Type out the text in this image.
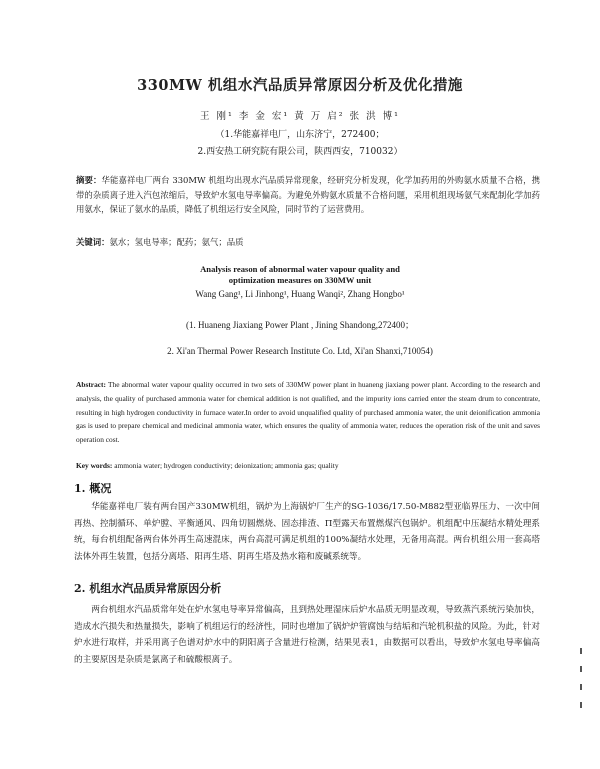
330MW 机组水汽品质异常原因分析及优化措施
王 刚¹ 李 金 宏¹ 黄 万 启² 张 洪 博¹
（1.华能嘉祥电厂，山东济宁，272400；
2.西安热工研究院有限公司，陕西西安，710032）
摘要：华能嘉祥电厂两台 330MW 机组均出现水汽品质异常现象，经研究分析发现，化学加药用的外购氨水质量不合格，携带的杂质离子进入汽包浓缩后，导致炉水氢电导率偏高。为避免外购氨水质量不合格问题，采用机组现场氨气来配制化学加药用氨水，保证了氨水的品质，降低了机组运行安全风险，同时节约了运营费用。
关键词：氨水；氢电导率；配药；氨气；品质
Analysis reason of abnormal water vapour quality and
optimization measures on 330MW unit
Wang Gang¹, Li Jinhong¹, Huang Wanqi², Zhang Hongbo¹
(1. Huaneng Jiaxiang Power Plant , Jining Shandong,272400；
2. Xi'an Thermal Power Research Institute Co. Ltd, Xi'an Shanxi,710054)
Abstract: The abnormal water vapour quality occurred in two sets of 330MW power plant in huaneng jiaxiang power plant. According to the research and analysis, the quality of purchased ammonia water for chemical addition is not qualified, and the impurity ions carried enter the steam drum to concentrate, resulting in high hydrogen conductivity in furnace water.In order to avoid unqualified quality of purchased ammonia water, the unit deionification ammonia gas is used to prepare chemical and medicinal ammonia water, which ensures the quality of ammonia water, reduces the operation risk of the unit and saves operation cost.
Key words: ammonia water; hydrogen conductivity; deionization; ammonia gas; quality
1. 概况
华能嘉祥电厂装有两台国产330MW机组，锅炉为上海锅炉厂生产的SG-1036/17.50-M882型亚临界压力、一次中间再热、控制循环、单炉膛、平衡通风、四角切圆燃烧、固态排渣、Π型露天布置燃煤汽包锅炉。机组配中压凝结水精处理系统，每台机组配备两台体外再生高速混床，两台高混可满足机组的100%凝结水处理，无备用高混。两台机组公用一套高塔法体外再生装置，包括分离塔、阳再生塔、阴再生塔及热水箱和废碱系统等。
2. 机组水汽品质异常原因分析
两台机组水汽品质常年处在炉水氢电导率异常偏高，且到热处理湿床后炉水品质无明显改观，导致蒸汽系统污染加快，造成水汽损失和热量损失，影响了机组运行的经济性，同时也增加了锅炉炉管腐蚀与结垢和汽轮机积盐的风险。为此，针对炉水进行取样，并采用离子色谱对炉水中的阴阳离子含量进行检测，结果见表1，由数据可以看出，导致炉水氢电导率偏高的主要原因是杂质是氯离子和硫酸根离子。
